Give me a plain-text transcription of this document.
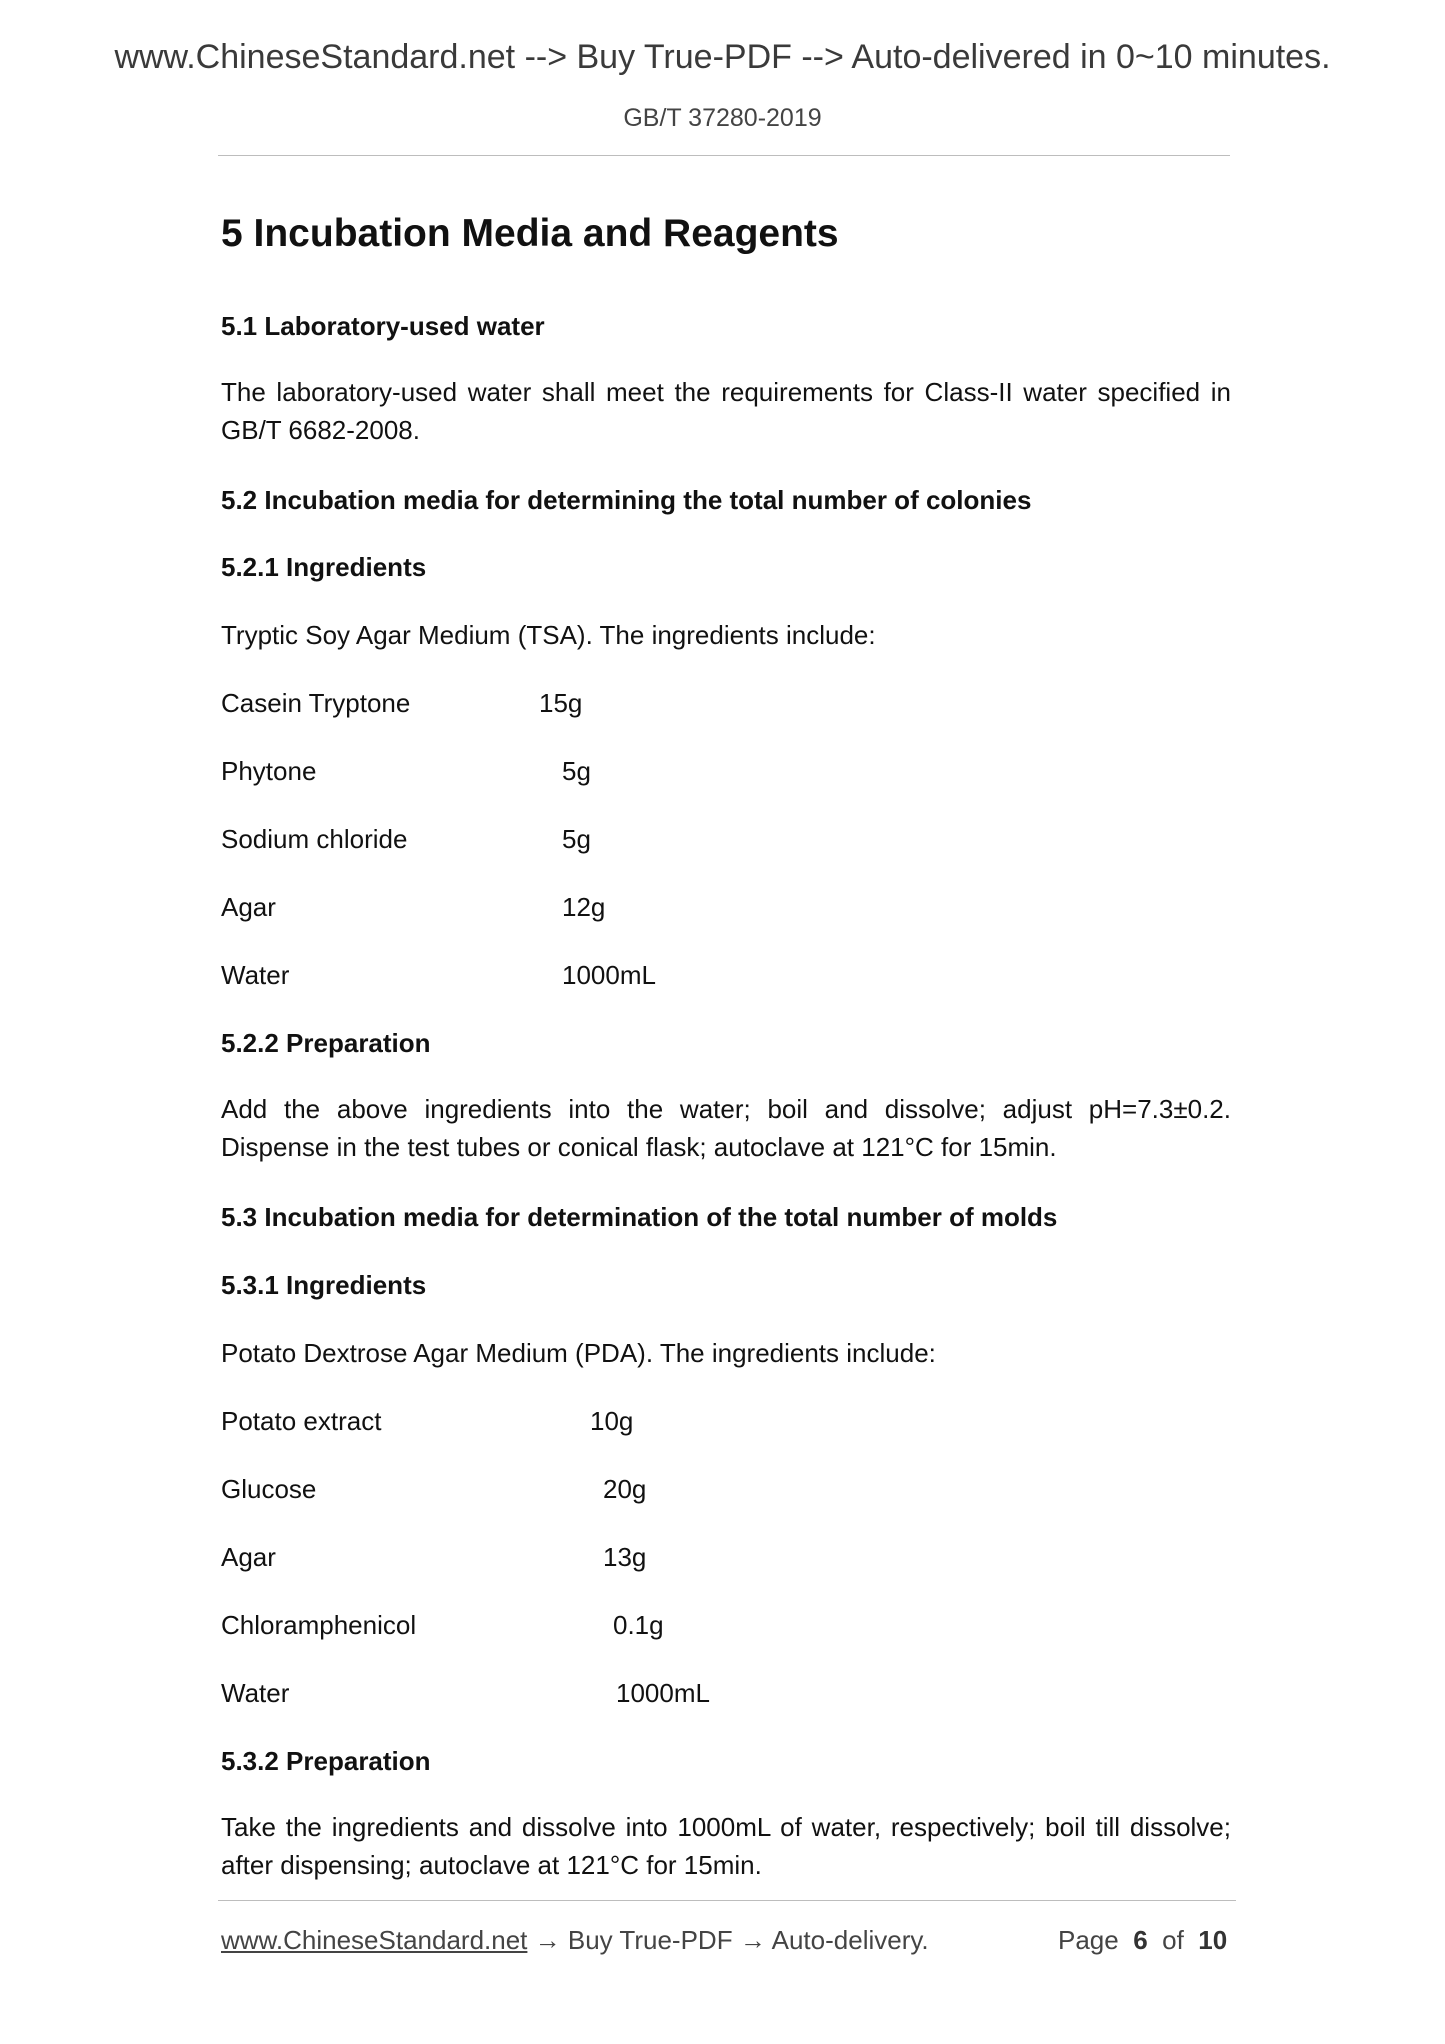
www.ChineseStandard.net --> Buy True-PDF --> Auto-delivered in 0~10 minutes.
GB/T 37280-2019
5 Incubation Media and Reagents
5.1 Laboratory-used water
The laboratory-used water shall meet the requirements for Class-II water specified in GB/T 6682-2008.
5.2 Incubation media for determining the total number of colonies
5.2.1 Ingredients
Tryptic Soy Agar Medium (TSA). The ingredients include:
Casein Tryptone	15g
Phytone	5g
Sodium chloride	5g
Agar	12g
Water	1000mL
5.2.2 Preparation
Add the above ingredients into the water; boil and dissolve; adjust pH=7.3±0.2. Dispense in the test tubes or conical flask; autoclave at 121°C for 15min.
5.3 Incubation media for determination of the total number of molds
5.3.1 Ingredients
Potato Dextrose Agar Medium (PDA). The ingredients include:
Potato extract	10g
Glucose	20g
Agar	13g
Chloramphenicol	0.1g
Water	1000mL
5.3.2 Preparation
Take the ingredients and dissolve into 1000mL of water, respectively; boil till dissolve; after dispensing; autoclave at 121°C for 15min.
www.ChineseStandard.net → Buy True-PDF → Auto-delivery.	Page 6 of 10
